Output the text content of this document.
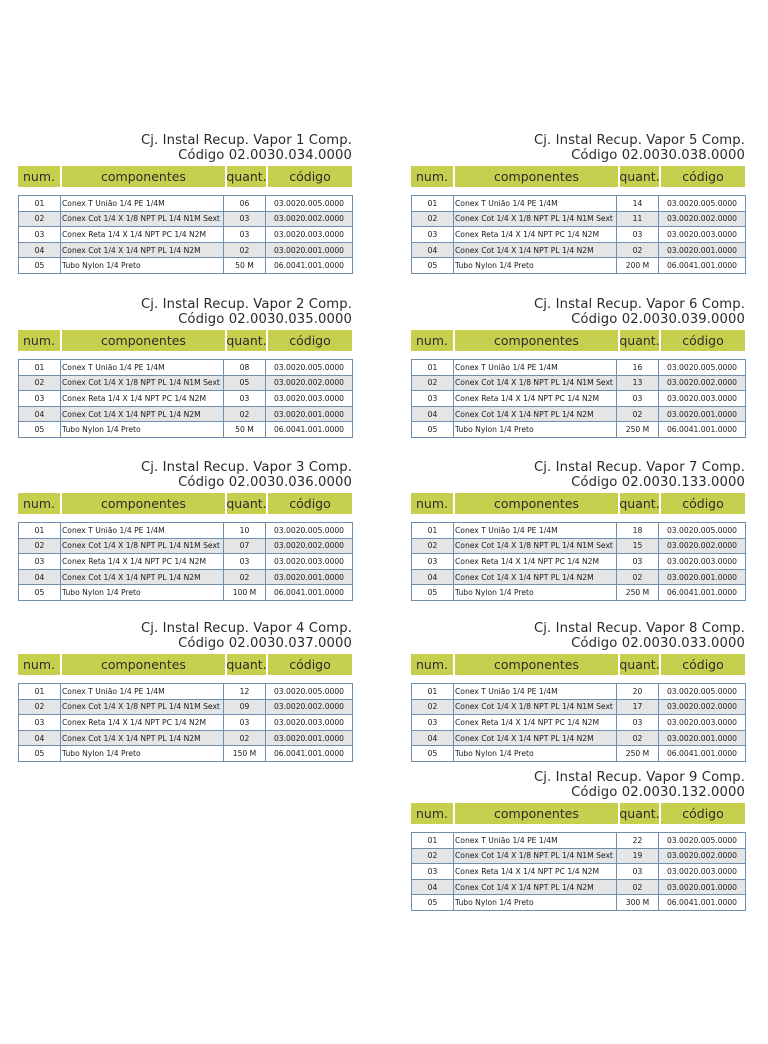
Cj. Instal Recup. Vapor 1 Comp.
Código 02.0030.034.0000
num.	componentes	quant.	código
01	Conex T União 1/4 PE 1/4M	06	03.0020.005.0000
02	Conex Cot 1/4 X 1/8 NPT PL 1/4 N1M Sext	03	03.0020.002.0000
03	Conex Reta 1/4 X 1/4 NPT PC 1/4 N2M	03	03.0020.003.0000
04	Conex Cot 1/4 X 1/4 NPT PL 1/4 N2M	02	03.0020.001.0000
05	Tubo Nylon 1/4 Preto	50 M	06.0041.001.0000
Cj. Instal Recup. Vapor 2 Comp.
Código 02.0030.035.0000
num.	componentes	quant.	código
01	Conex T União 1/4 PE 1/4M	08	03.0020.005.0000
02	Conex Cot 1/4 X 1/8 NPT PL 1/4 N1M Sext	05	03.0020.002.0000
03	Conex Reta 1/4 X 1/4 NPT PC 1/4 N2M	03	03.0020.003.0000
04	Conex Cot 1/4 X 1/4 NPT PL 1/4 N2M	02	03.0020.001.0000
05	Tubo Nylon 1/4 Preto	50 M	06.0041.001.0000
Cj. Instal Recup. Vapor 3 Comp.
Código 02.0030.036.0000
num.	componentes	quant.	código
01	Conex T União 1/4 PE 1/4M	10	03.0020.005.0000
02	Conex Cot 1/4 X 1/8 NPT PL 1/4 N1M Sext	07	03.0020.002.0000
03	Conex Reta 1/4 X 1/4 NPT PC 1/4 N2M	03	03.0020.003.0000
04	Conex Cot 1/4 X 1/4 NPT PL 1/4 N2M	02	03.0020.001.0000
05	Tubo Nylon 1/4 Preto	100 M	06.0041.001.0000
Cj. Instal Recup. Vapor 4 Comp.
Código 02.0030.037.0000
num.	componentes	quant.	código
01	Conex T União 1/4 PE 1/4M	12	03.0020.005.0000
02	Conex Cot 1/4 X 1/8 NPT PL 1/4 N1M Sext	09	03.0020.002.0000
03	Conex Reta 1/4 X 1/4 NPT PC 1/4 N2M	03	03.0020.003.0000
04	Conex Cot 1/4 X 1/4 NPT PL 1/4 N2M	02	03.0020.001.0000
05	Tubo Nylon 1/4 Preto	150 M	06.0041.001.0000
Cj. Instal Recup. Vapor 5 Comp.
Código 02.0030.038.0000
num.	componentes	quant.	código
01	Conex T União 1/4 PE 1/4M	14	03.0020.005.0000
02	Conex Cot 1/4 X 1/8 NPT PL 1/4 N1M Sext	11	03.0020.002.0000
03	Conex Reta 1/4 X 1/4 NPT PC 1/4 N2M	03	03.0020.003.0000
04	Conex Cot 1/4 X 1/4 NPT PL 1/4 N2M	02	03.0020.001.0000
05	Tubo Nylon 1/4 Preto	200 M	06.0041.001.0000
Cj. Instal Recup. Vapor 6 Comp.
Código 02.0030.039.0000
num.	componentes	quant.	código
01	Conex T União 1/4 PE 1/4M	16	03.0020.005.0000
02	Conex Cot 1/4 X 1/8 NPT PL 1/4 N1M Sext	13	03.0020.002.0000
03	Conex Reta 1/4 X 1/4 NPT PC 1/4 N2M	03	03.0020.003.0000
04	Conex Cot 1/4 X 1/4 NPT PL 1/4 N2M	02	03.0020.001.0000
05	Tubo Nylon 1/4 Preto	250 M	06.0041.001.0000
Cj. Instal Recup. Vapor 7 Comp.
Código 02.0030.133.0000
num.	componentes	quant.	código
01	Conex T União 1/4 PE 1/4M	18	03.0020.005.0000
02	Conex Cot 1/4 X 1/8 NPT PL 1/4 N1M Sext	15	03.0020.002.0000
03	Conex Reta 1/4 X 1/4 NPT PC 1/4 N2M	03	03.0020.003.0000
04	Conex Cot 1/4 X 1/4 NPT PL 1/4 N2M	02	03.0020.001.0000
05	Tubo Nylon 1/4 Preto	250 M	06.0041.001.0000
Cj. Instal Recup. Vapor 8 Comp.
Código 02.0030.033.0000
num.	componentes	quant.	código
01	Conex T União 1/4 PE 1/4M	20	03.0020.005.0000
02	Conex Cot 1/4 X 1/8 NPT PL 1/4 N1M Sext	17	03.0020.002.0000
03	Conex Reta 1/4 X 1/4 NPT PC 1/4 N2M	03	03.0020.003.0000
04	Conex Cot 1/4 X 1/4 NPT PL 1/4 N2M	02	03.0020.001.0000
05	Tubo Nylon 1/4 Preto	250 M	06.0041.001.0000
Cj. Instal Recup. Vapor 9 Comp.
Código 02.0030.132.0000
num.	componentes	quant.	código
01	Conex T União 1/4 PE 1/4M	22	03.0020.005.0000
02	Conex Cot 1/4 X 1/8 NPT PL 1/4 N1M Sext	19	03.0020.002.0000
03	Conex Reta 1/4 X 1/4 NPT PC 1/4 N2M	03	03.0020.003.0000
04	Conex Cot 1/4 X 1/4 NPT PL 1/4 N2M	02	03.0020.001.0000
05	Tubo Nylon 1/4 Preto	300 M	06.0041.001.0000
